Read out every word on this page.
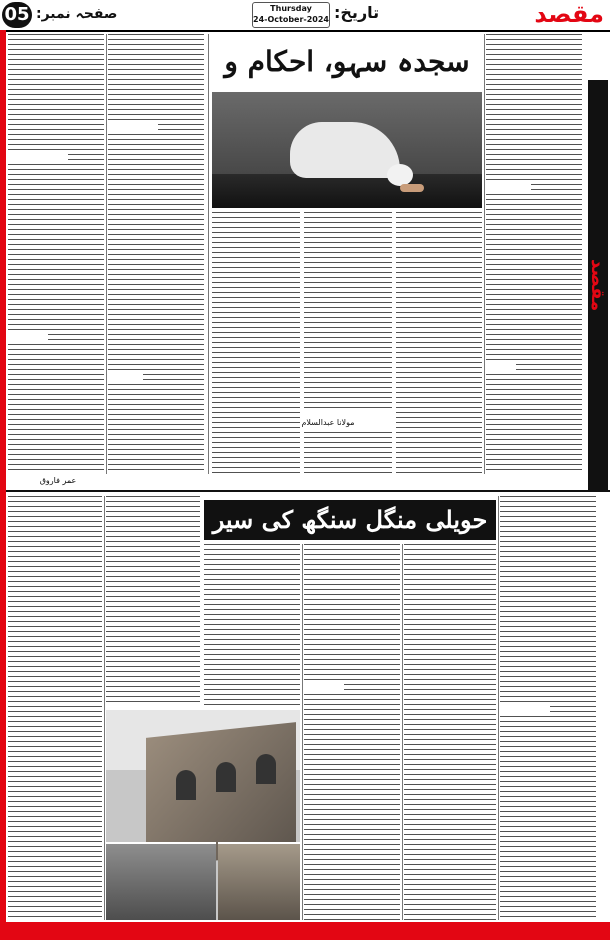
05 صفحہ نمبر:	Thursday
24-October-2024 تاریخ:	مقصد
مقصد
سجدہ سہو، احکام و
مولانا عبدالسلام
عمر فاروق
حویلی منگل سنگھ کی سیر
